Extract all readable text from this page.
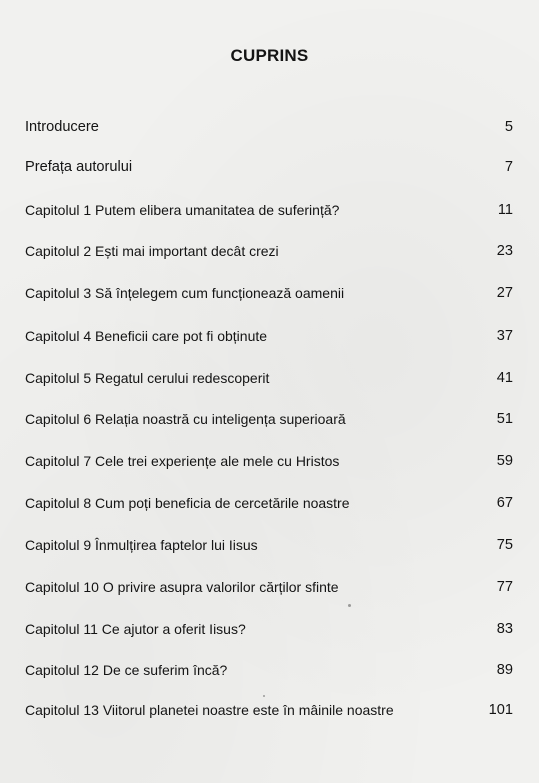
CUPRINS
Introducere	5
Prefața autorului	7
Capitolul 1 Putem elibera umanitatea de suferință?	11
Capitolul 2 Ești mai important decât crezi	23
Capitolul 3 Să înțelegem cum funcționează oamenii	27
Capitolul 4 Beneficii care pot fi obținute	37
Capitolul 5 Regatul cerului redescoperit	41
Capitolul 6 Relația noastră cu inteligența superioară	51
Capitolul 7 Cele trei experiențe ale mele cu Hristos	59
Capitolul 8 Cum poți beneficia de cercetările noastre	67
Capitolul 9 Înmulțirea faptelor lui Iisus	75
Capitolul 10 O privire asupra valorilor cărților sfinte	77
Capitolul 11 Ce ajutor a oferit Iisus?	83
Capitolul 12 De ce suferim încă?	89
Capitolul 13 Viitorul planetei noastre este în mâinile noastre	101
